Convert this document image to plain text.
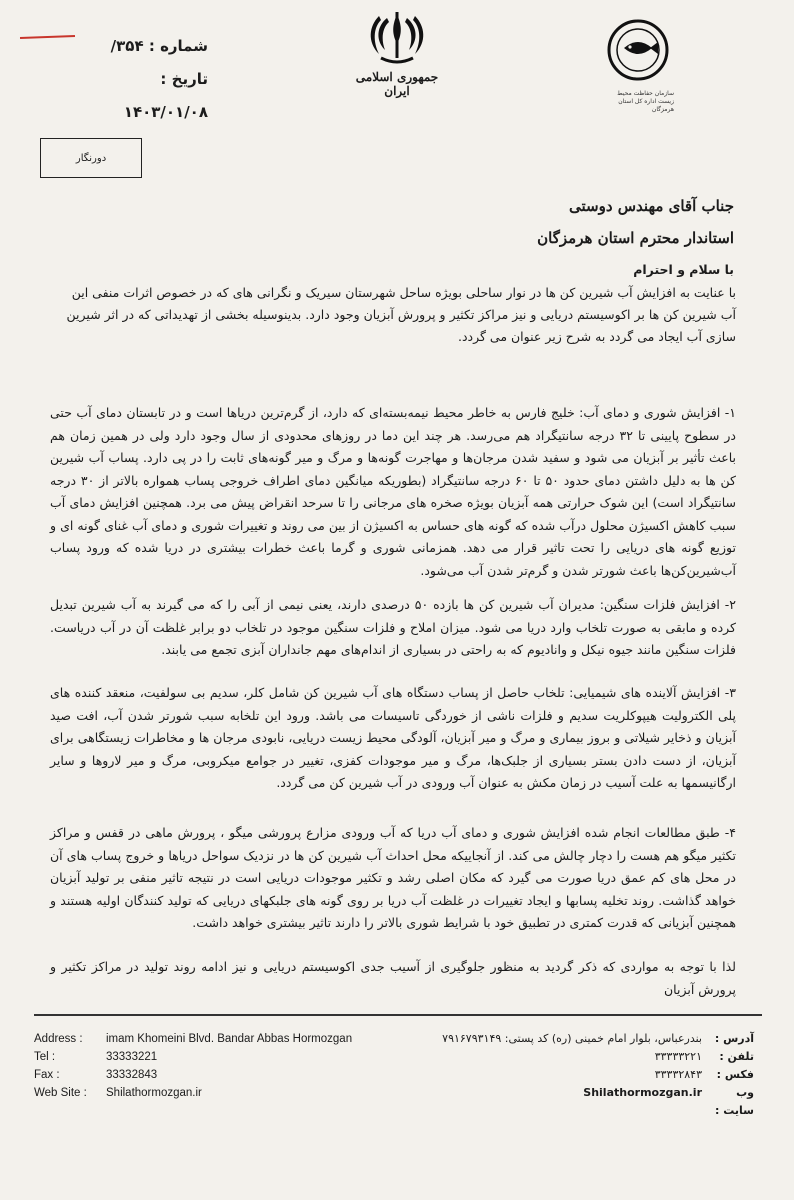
شماره : ۳۵۴/
تاریخ : ۱۴۰۳/۰۱/۰۸
جمهوری اسلامی ایران	سازمان حفاظت محیط زیست اداره کل استان هرمزگان
دورنگار
جناب آقای مهندس دوستی
استاندار محترم استان هرمزگان
با سلام و احترام
با عنایت به افزایش آب شیرین کن ها در نوار ساحلی بویژه ساحل شهرستان سیریک و نگرانی های که در خصوص اثرات منفی این آب شیرین کن ها بر اکوسیستم دریایی و نیز مراکز تکثیر و پرورش آبزیان وجود دارد. بدینوسیله بخشی از تهدیداتی که در اثر شیرین سازی آب ایجاد می گردد به شرح زیر عنوان می گردد.
۱- افزایش شوری و دمای آب: خلیج فارس به خاطر محیط نیمه‌بسته‌ای که دارد، از گرم‌ترین دریاها است و در تابستان دمای آب حتی در سطوح پایینی تا ۳۲ درجه سانتیگراد هم می‌رسد. هر چند این دما در روزهای محدودی از سال وجود دارد ولی در همین زمان هم باعث تأثیر بر آبزیان می شود و سفید شدن مرجان‌ها و مهاجرت گونه‌ها و مرگ و میر گونه‌های ثابت را در پی دارد. پساب آب شیرین کن ها به دلیل داشتن دمای حدود ۵۰ تا ۶۰ درجه سانتیگراد (بطوریکه میانگین دمای اطراف خروجی پساب همواره بالاتر از ۳۰ درجه سانتیگراد است) این شوک حرارتی همه آبزیان بویژه صخره های مرجانی را تا سرحد انقراض پیش می برد. همچنین افزایش دمای آب سبب کاهش اکسیژن محلول درآب شده که گونه های حساس به اکسیژن از بین می روند و تغییرات شوری و دمای آب غنای گونه ای و توزیع گونه های دریایی را تحت تاثیر قرار می دهد. همزمانی شوری و گرما باعث خطرات بیشتری در دریا شده که ورود پساب آب‌شیرین‌کن‌ها باعث شورتر شدن و گرم‌تر شدن آب می‌شود.
۲- افزایش فلزات سنگین: مدیران آب شیرین کن ها بازده ۵۰ درصدی دارند، یعنی نیمی از آبی را که می گیرند به آب شیرین تبدیل کرده و مابقی به صورت تلخاب وارد دریا می شود. میزان املاح و فلزات سنگین موجود در تلخاب دو برابر غلظت آن در آب دریاست. فلزات سنگین مانند جیوه نیکل و وانادیوم که به راحتی در بسیاری از اندام‌های مهم جانداران آبزی تجمع می یابند.
۳- افزایش آلاینده های شیمیایی: تلخاب حاصل از پساب دستگاه های آب شیرین کن شامل کلر، سدیم بی سولفیت، منعقد کننده های پلی الکترولیت هیپوکلریت سدیم و فلزات ناشی از خوردگی تاسیسات می باشد. ورود این تلخابه سبب شورتر شدن آب، افت صید آبزیان و ذخایر شیلاتی و بروز بیماری و مرگ و میر آبزیان، آلودگی محیط زیست دریایی، نابودی مرجان ها و مخاطرات زیستگاهی برای آبزیان، از دست دادن بستر بسیاری از جلبک‌ها، مرگ و میر موجودات کفزی، تغییر در جوامع میکروبی، مرگ و میر لاروها و سایر ارگانیسمها به علت آسیب در زمان مکش به عنوان آب ورودی در آب شیرین کن می گردد.
۴- طبق مطالعات انجام شده افزایش شوری و دمای آب دریا که آب ورودی مزارع پرورشی میگو ، پرورش ماهی در قفس و مراکز تکثیر میگو هم هست را دچار چالش می کند. از آنجاییکه محل احداث آب شیرین کن ها در نزدیک سواحل دریاها و خروج پساب های آن در محل های کم عمق دریا صورت می گیرد که مکان اصلی رشد و تکثیر موجودات دریایی است در نتیجه تاثیر منفی بر تولید آبزیان خواهد گذاشت. روند تخلیه پسابها و ایجاد تغییرات در غلظت آب دریا بر روی گونه های جلبکهای دریایی که تولید کنندگان اولیه هستند و همچنین آبزیانی که قدرت کمتری در تطبیق خود با شرایط شوری بالاتر را دارند تاثیر بیشتری خواهد داشت.
لذا با توجه به مواردی که ذکر گردید به منظور جلوگیری از آسیب جدی اکوسیستم دریایی و نیز ادامه روند تولید در مراکز تکثیر و پرورش آبزیان
Address :	imam Khomeini Blvd. Bandar Abbas Hormozgan
Tel :	33333221
Fax :	33332843
Web Site :	Shilathormozgan.ir
آدرس :
بندرعباس، بلوار امام خمینی (ره) کد پستی: ۷۹۱۶۷۹۳۱۴۹
تلفن :
۳۳۳۳۳۲۲۱
فکس :
۳۳۳۳۲۸۴۳
وب سایت :
Shilathormozgan.ir
